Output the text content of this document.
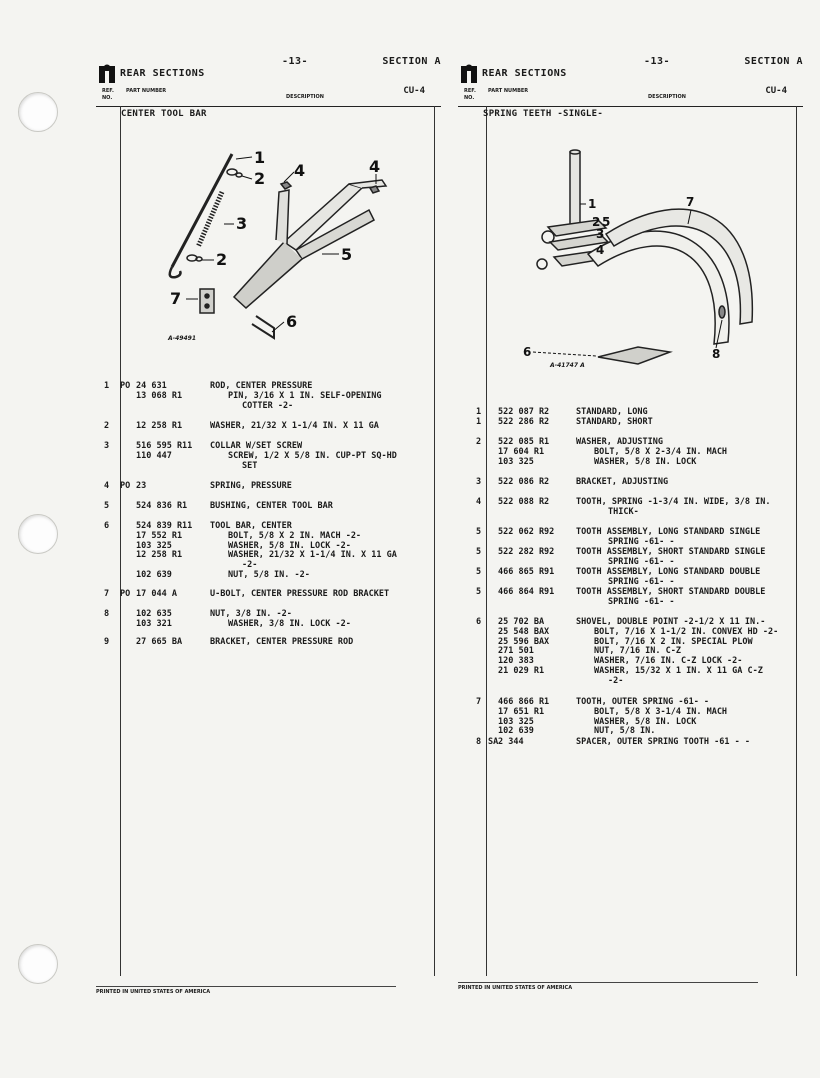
-13-	SECTION A
REAR SECTIONS
REF. NO.
PART NUMBER
DESCRIPTION
CU-4
CENTER TOOL BAR
1
2
3
2
4	4
5
6
7
A-49491
1 PO 24 631	ROD, CENTER PRESSURE
13 068 R1	PIN, 3/16 X 1 IN. SELF-OPENING
COTTER -2-
2	12 258 R1	WASHER, 21/32 X 1-1/4 IN. X 11 GA
3	516 595 R11 COLLAR W/SET SCREW
110 447	SCREW, 1/2 X 5/8 IN. CUP-PT SQ-HD
SET
4 PO 23	SPRING, PRESSURE
5	524 836 R1	BUSHING, CENTER TOOL BAR
6	524 839 R11 TOOL BAR, CENTER
17 552 R1	BOLT, 5/8 X 2 IN. MACH -2-
103 325	WASHER, 5/8 IN. LOCK -2-
12 258 R1	WASHER, 21/32 X 1-1/4 IN. X 11 GA
-2-
102 639	NUT, 5/8 IN. -2-
7 PO 17 044 A	U-BOLT, CENTER PRESSURE ROD BRACKET
8	102 635	NUT, 3/8 IN. -2-
103 321	WASHER, 3/8 IN. LOCK -2-
9	27 665 BA	BRACKET, CENTER PRESSURE ROD
PRINTED IN UNITED STATES OF AMERICA
-13-	SECTION A
REAR SECTIONS
REF. NO.
PART NUMBER
DESCRIPTION
CU-4
SPRING TEETH -SINGLE-
1
2 5
3
4
7
6	8
A-41747 A
1 522 087 R2	STANDARD, LONG
1 522 286 R2	STANDARD, SHORT
2 522 085 R1	WASHER, ADJUSTING
17 604 R1	BOLT, 5/8 X 2-3/4 IN. MACH
103 325	WASHER, 5/8 IN. LOCK
3 522 086 R2	BRACKET, ADJUSTING
4 522 088 R2	TOOTH, SPRING -1-3/4 IN. WIDE, 3/8 IN.
THICK-
5 522 062 R92	TOOTH ASSEMBLY, LONG STANDARD SINGLE
SPRING -61- -
5 522 282 R92	TOOTH ASSEMBLY, SHORT STANDARD SINGLE
SPRING -61- -
5 466 865 R91	TOOTH ASSEMBLY, LONG STANDARD DOUBLE
SPRING -61- -
5 466 864 R91	TOOTH ASSEMBLY, SHORT STANDARD DOUBLE
SPRING -61- -
6 25 702 BA	SHOVEL, DOUBLE POINT -2-1/2 X 11 IN.-
25 548 BAX	BOLT, 7/16 X 1-1/2 IN. CONVEX HD -2-
25 596 BAX	BOLT, 7/16 X 2 IN. SPECIAL PLOW
271 501	NUT, 7/16 IN. C-Z
120 383	WASHER, 7/16 IN. C-Z LOCK -2-
21 029 R1	WASHER, 15/32 X 1 IN. X 11 GA C-Z
-2-
7 466 866 R1	TOOTH, OUTER SPRING -61- -
17 651 R1	BOLT, 5/8 X 3-1/4 IN. MACH
103 325	WASHER, 5/8 IN. LOCK
102 639	NUT, 5/8 IN.
8 SA 2 344	SPACER, OUTER SPRING TOOTH -61 - -
PRINTED IN UNITED STATES OF AMERICA
